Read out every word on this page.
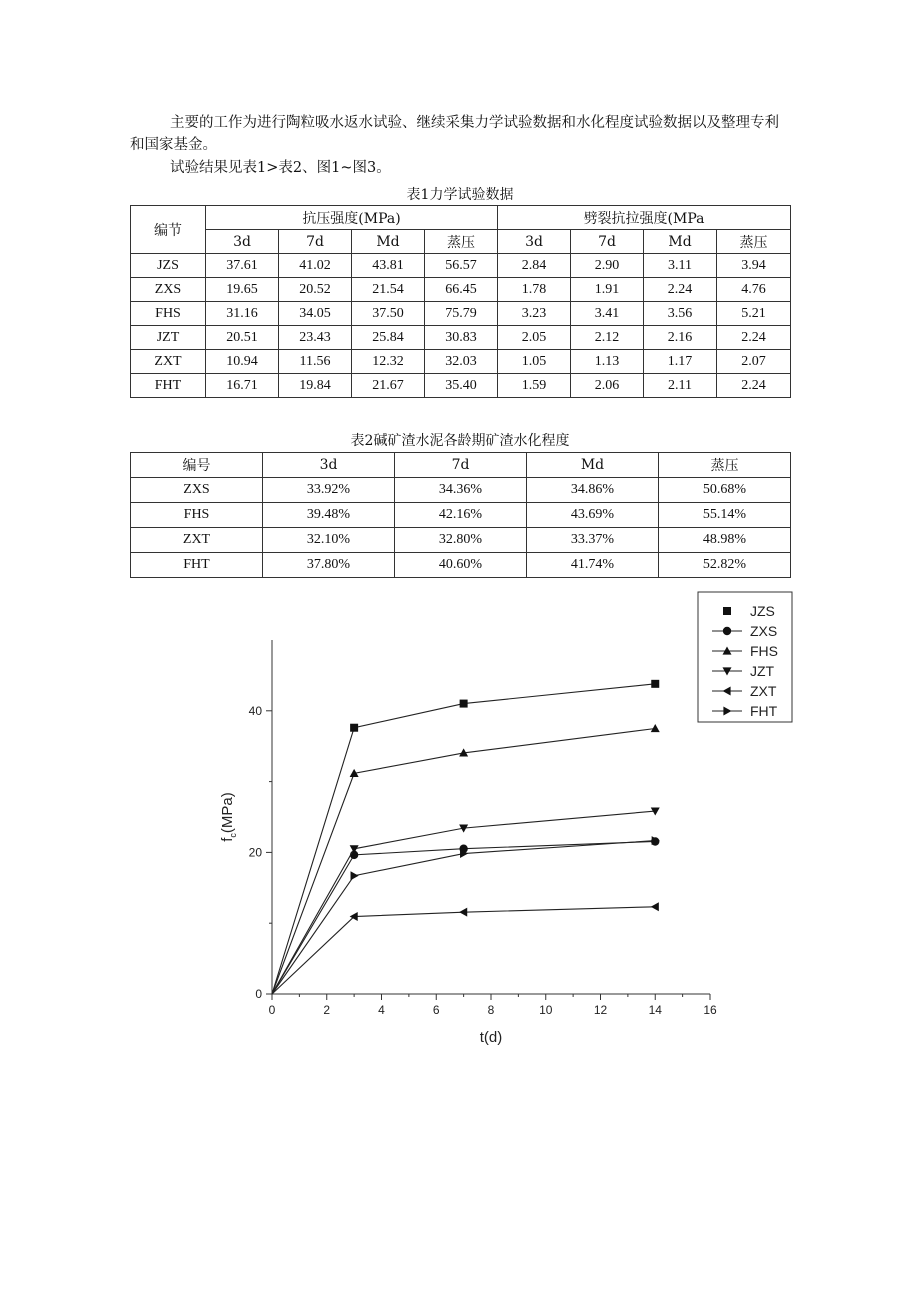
主要的工作为进行陶粒吸水返水试验、继续采集力学试验数据和水化程度试验数据以及整理专利和国家基金。

试验结果见表1>表2、图1~图3。

表1力学试验数据
编节	抗压强度(MPa)				劈裂抗拉强度(MPa			
	3d	7d	Md	蒸压	3d	7d	Md	蒸压
JZS	37.61	41.02	43.81	56.57	2.84	2.90	3.11	3.94
ZXS	19.65	20.52	21.54	66.45	1.78	1.91	2.24	4.76
FHS	31.16	34.05	37.50	75.79	3.23	3.41	3.56	5.21
JZT	20.51	23.43	25.84	30.83	2.05	2.12	2.16	2.24
ZXT	10.94	11.56	12.32	32.03	1.05	1.13	1.17	2.07
FHT	16.71	19.84	21.67	35.40	1.59	2.06	2.11	2.24
表2碱矿渣水泥各龄期矿渣水化程度
编号	3d	7d	Md	蒸压
ZXS	33.92%	34.36%	34.86%	50.68%
FHS	39.48%	42.16%	43.69%	55.14%
ZXT	32.10%	32.80%	33.37%	48.98%
FHT	37.80%	40.60%	41.74%	52.82%
0	2	4	6	8	10	12	14	16
0
20
40
t(d)
$f_c(MPa)$
JZS
ZXS
FHS
JZT
ZXT
FHT
